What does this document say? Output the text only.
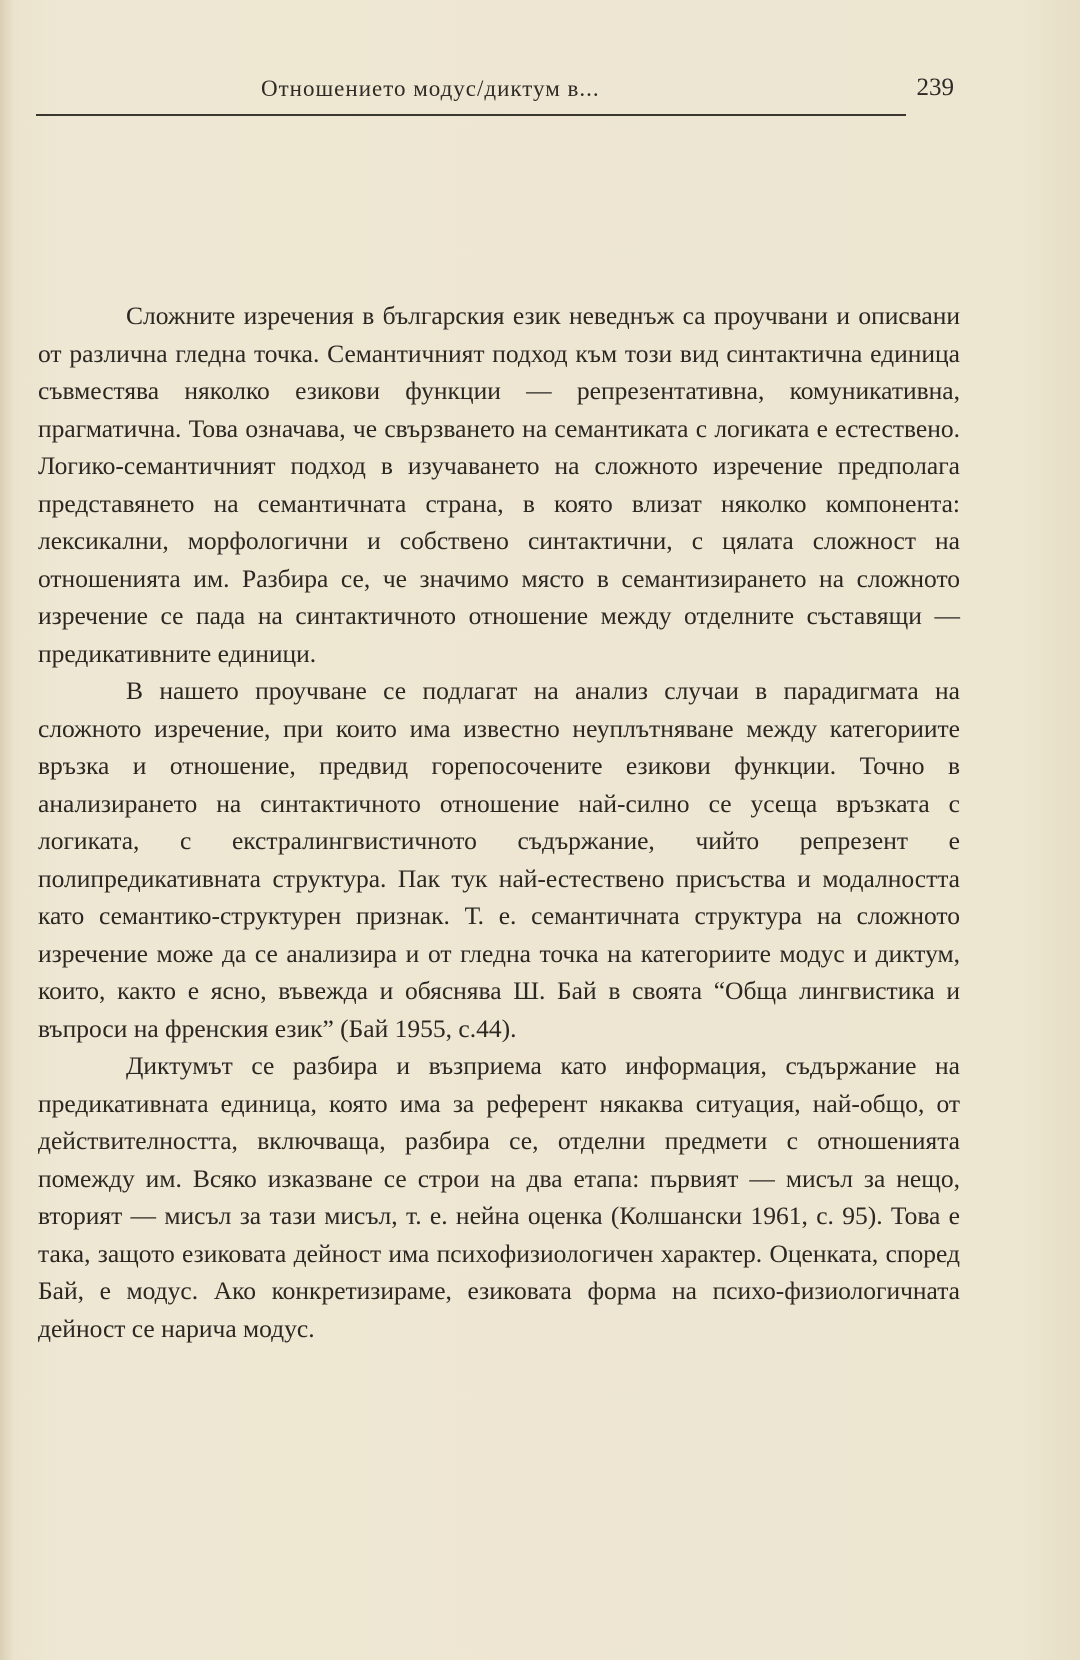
Отношението модус/диктум в...	239

Сложните изречения в българския език неведнъж са проучвани и описвани от различна гледна точка. Семантичният подход към този вид синтактична единица съвместява няколко езикови функции — репрезентативна, комуникативна, прагматична. Това означава, че свързването на семантиката с логиката е естествено. Логико-семантичният подход в изучаването на сложното изречение предполага представянето на семантичната страна, в която влизат няколко компонента: лексикални, морфологични и собствено синтактични, с цялата сложност на отношенията им. Разбира се, че значимо място в семантизирането на сложното изречение се пада на синтактичното отношение между отделните съставящи — предикативните единици.

В нашето проучване се подлагат на анализ случаи в парадигмата на сложното изречение, при които има известно неуплътняване между категориите връзка и отношение, предвид горепосочените езикови функции. Точно в анализирането на синтактичното отношение най-силно се усеща връзката с логиката, с екстралингвистичното съдържание, чийто репрезент е полипредикативната структура. Пак тук най-естествено присъства и модалността като семантико-структурен признак. Т. е. семантичната структура на сложното изречение може да се анализира и от гледна точка на категориите модус и диктум, които, както е ясно, въвежда и обяснява Ш. Бай в своята “Обща лингвистика и въпроси на френския език” (Бай 1955, с.44).

Диктумът се разбира и възприема като информация, съдържание на предикативната единица, която има за референт някаква ситуация, най-общо, от действителността, включваща, разбира се, отделни предмети с отношенията помежду им. Всяко изказване се строи на два етапа: първият — мисъл за нещо, вторият — мисъл за тази мисъл, т. е. нейна оценка (Колшански 1961, с. 95). Това е така, защото езиковата дейност има психофизиологичен характер. Оценката, според Бай, е модус. Ако конкретизираме, езиковата форма на психо-физиологичната дейност се нарича модус.
